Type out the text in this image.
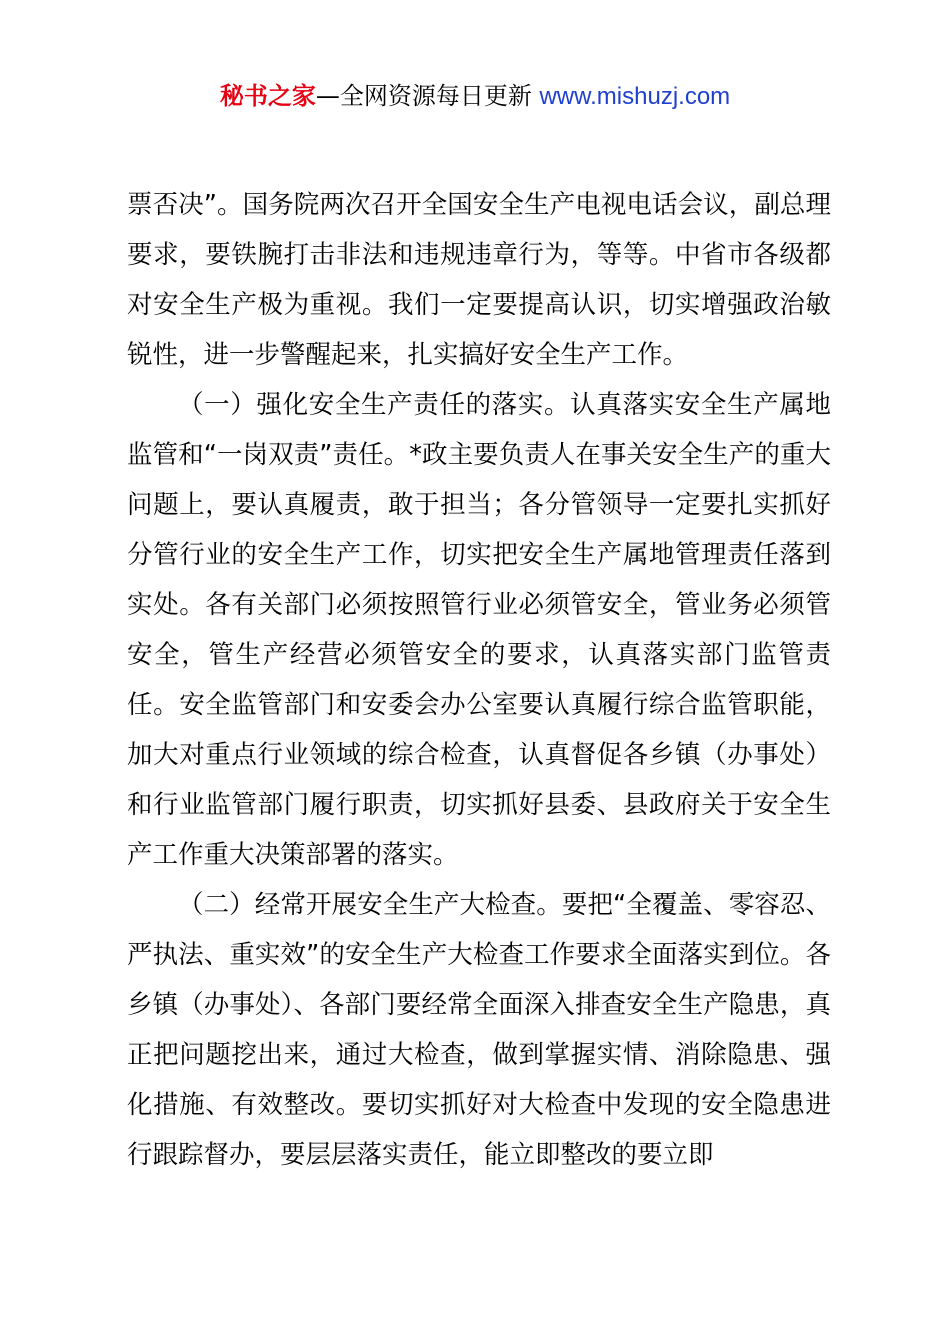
秘书之家—全网资源每日更新 www.mishuzj.com

票否决”。国务院两次召开全国安全生产电视电话会议，副总理要求，要铁腕打击非法和违规违章行为，等等。中省市各级都对安全生产极为重视。我们一定要提高认识，切实增强政治敏锐性，进一步警醒起来，扎实搞好安全生产工作。

（一）强化安全生产责任的落实。认真落实安全生产属地监管和“一岗双责”责任。*政主要负责人在事关安全生产的重大问题上，要认真履责，敢于担当；各分管领导一定要扎实抓好分管行业的安全生产工作，切实把安全生产属地管理责任落到实处。各有关部门必须按照管行业必须管安全，管业务必须管安全，管生产经营必须管安全的要求，认真落实部门监管责任。安全监管部门和安委会办公室要认真履行综合监管职能，加大对重点行业领域的综合检查，认真督促各乡镇（办事处）和行业监管部门履行职责，切实抓好县委、县政府关于安全生产工作重大决策部署的落实。

（二）经常开展安全生产大检查。要把“全覆盖、零容忍、严执法、重实效”的安全生产大检查工作要求全面落实到位。各乡镇（办事处）、各部门要经常全面深入排查安全生产隐患，真正把问题挖出来，通过大检查，做到掌握实情、消除隐患、强化措施、有效整改。要切实抓好对大检查中发现的安全隐患进行跟踪督办，要层层落实责任，能立即整改的要立即
